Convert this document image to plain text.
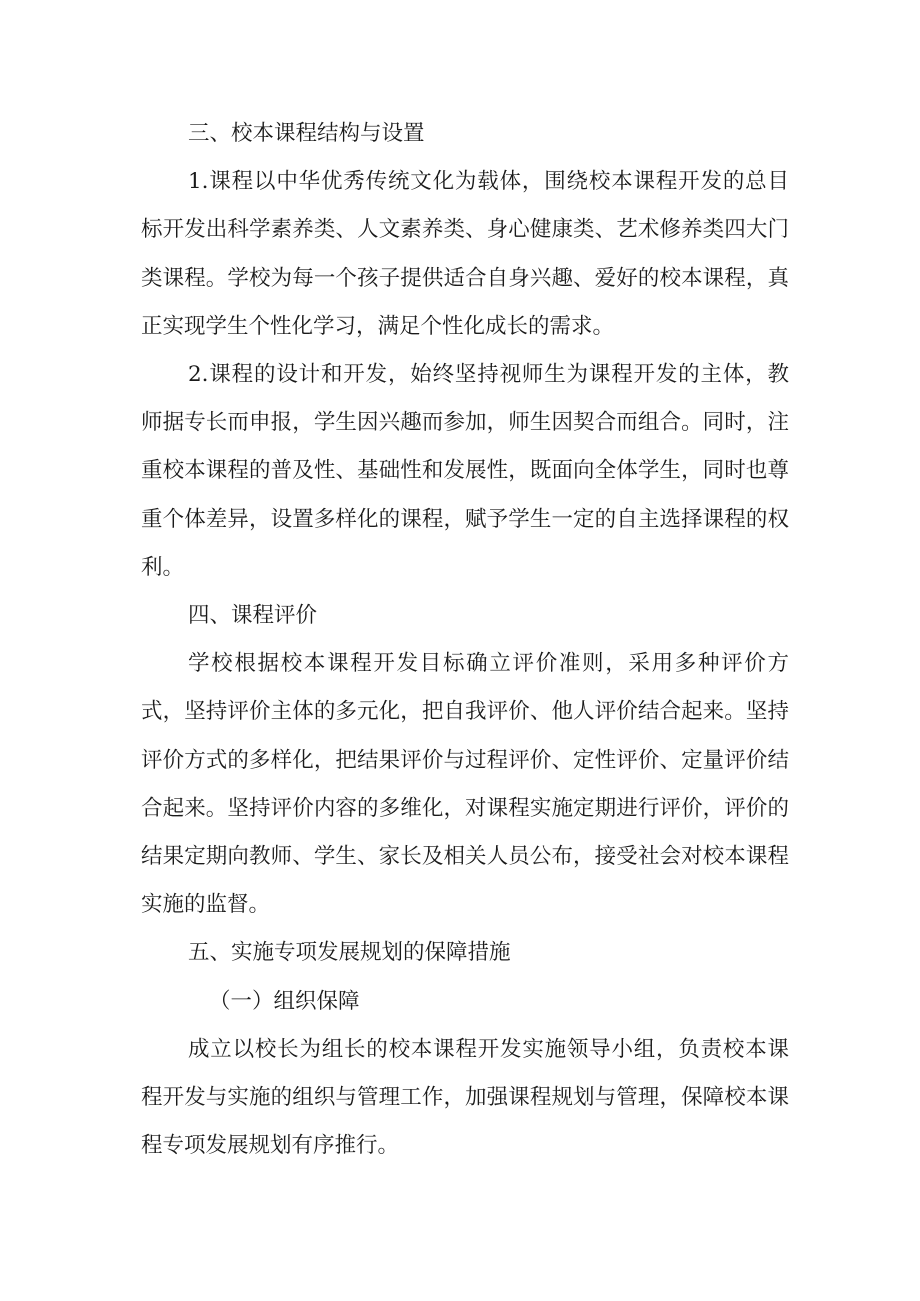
三、校本课程结构与设置

1.课程以中华优秀传统文化为载体，围绕校本课程开发的总目标开发出科学素养类、人文素养类、身心健康类、艺术修养类四大门类课程。学校为每一个孩子提供适合自身兴趣、爱好的校本课程，真正实现学生个性化学习，满足个性化成长的需求。

2.课程的设计和开发，始终坚持视师生为课程开发的主体，教师据专长而申报，学生因兴趣而参加，师生因契合而组合。同时，注重校本课程的普及性、基础性和发展性，既面向全体学生，同时也尊重个体差异，设置多样化的课程，赋予学生一定的自主选择课程的权利。

四、课程评价

学校根据校本课程开发目标确立评价准则，采用多种评价方式，坚持评价主体的多元化，把自我评价、他人评价结合起来。坚持评价方式的多样化，把结果评价与过程评价、定性评价、定量评价结合起来。坚持评价内容的多维化，对课程实施定期进行评价，评价的结果定期向教师、学生、家长及相关人员公布，接受社会对校本课程实施的监督。

五、实施专项发展规划的保障措施

（一）组织保障

成立以校长为组长的校本课程开发实施领导小组，负责校本课程开发与实施的组织与管理工作，加强课程规划与管理，保障校本课程专项发展规划有序推行。
